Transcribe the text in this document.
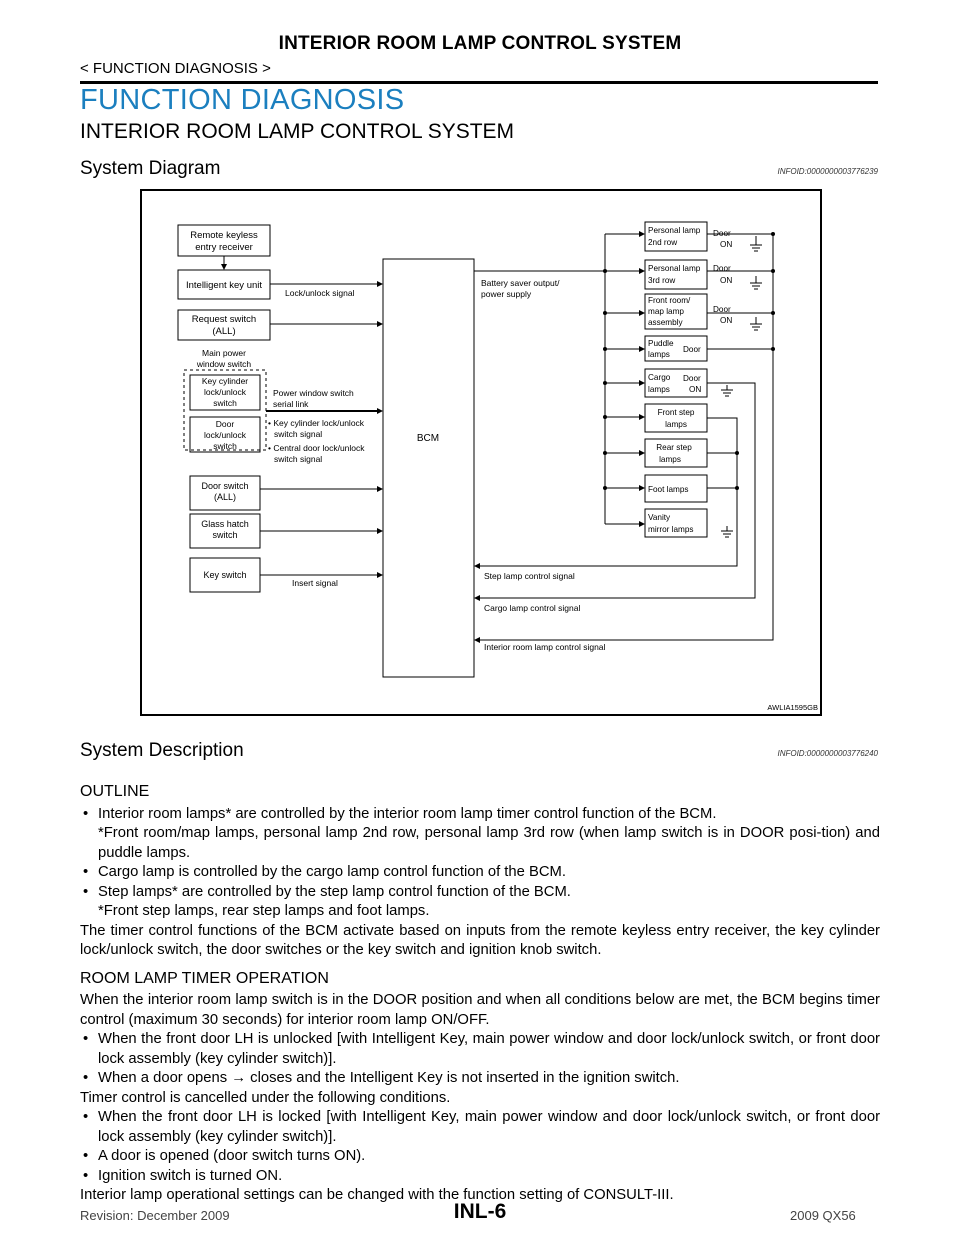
INTERIOR ROOM LAMP CONTROL SYSTEM
< FUNCTION DIAGNOSIS >
FUNCTION DIAGNOSIS
INTERIOR ROOM LAMP CONTROL SYSTEM
System Diagram	INFOID:0000000003776239
Remote keyless
entry receiver
Intelligent key unit
Request switch
(ALL)
Main power
window switch
Key cylinder
lock/unlock
switch
Door
lock/unlock
switch
Door switch
(ALL)
Glass hatch
switch
Key switch
BCM
Lock/unlock signal
Power window switch
serial link
• Key cylinder lock/unlock
switch signal
• Central door lock/unlock
switch signal
Insert signal
Battery saver output/
power supply
Step lamp control signal
Cargo lamp control signal
Interior room lamp control signal
Personal lamp
2nd row
Door
ON
Personal lamp
3rd row
Door
ON
Front room/
map lamp
assembly
Door
ON
Puddle
lamps
Door
Cargo
lamps
Door
ON
Front step
lamps
Rear step
lamps
Foot lamps
Vanity
mirror lamps
AWLIA1595GB
System Description	INFOID:0000000003776240
OUTLINE
• Interior room lamps* are controlled by the interior room lamp timer control function of the BCM.
*Front room/map lamps, personal lamp 2nd row, personal lamp 3rd row (when lamp switch is in DOOR posi-tion) and puddle lamps.
• Cargo lamp is controlled by the cargo lamp control function of the BCM.
• Step lamps* are controlled by the step lamp control function of the BCM.
*Front step lamps, rear step lamps and foot lamps.
The timer control functions of the BCM activate based on inputs from the remote keyless entry receiver, the key cylinder lock/unlock switch, the door switches or the key switch and ignition knob switch.
ROOM LAMP TIMER OPERATION
When the interior room lamp switch is in the DOOR position and when all conditions below are met, the BCM begins timer control (maximum 30 seconds) for interior room lamp ON/OFF.
• When the front door LH is unlocked [with Intelligent Key, main power window and door lock/unlock switch, or front door lock assembly (key cylinder switch)].
• When a door opens → closes and the Intelligent Key is not inserted in the ignition switch.
Timer control is cancelled under the following conditions.
• When the front door LH is locked [with Intelligent Key, main power window and door lock/unlock switch, or front door lock assembly (key cylinder switch)].
• A door is opened (door switch turns ON).
• Ignition switch is turned ON.
Interior lamp operational settings can be changed with the function setting of CONSULT-III.
Revision: December 2009	INL-6	2009 QX56
